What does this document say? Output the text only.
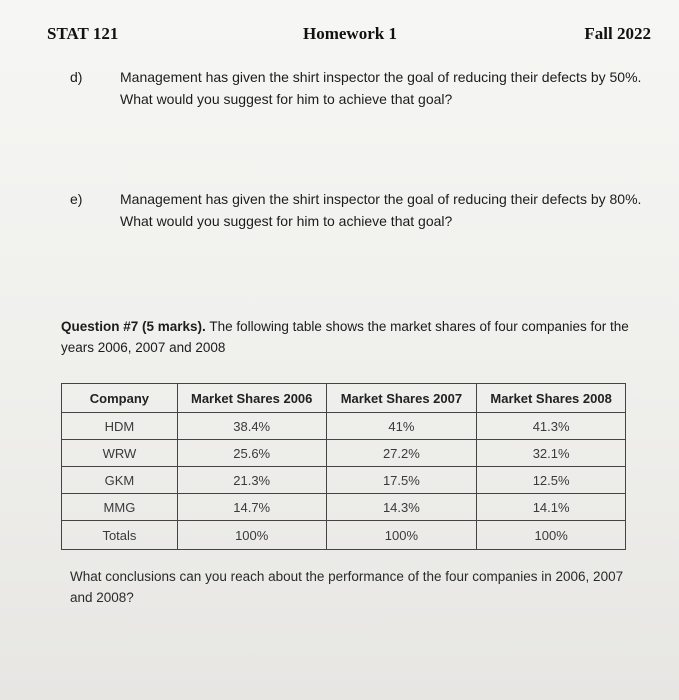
STAT 121	Homework 1	Fall 2022
d)	Management has given the shirt inspector the goal of reducing their defects by 50%. What would you suggest for him to achieve that goal?
e)	Management has given the shirt inspector the goal of reducing their defects by 80%. What would you suggest for him to achieve that goal?
Question #7 (5 marks). The following table shows the market shares of four companies for the years 2006, 2007 and 2008
Company	Market Shares 2006	Market Shares 2007	Market Shares 2008
HDM	38.4%	41%	41.3%
WRW	25.6%	27.2%	32.1%
GKM	21.3%	17.5%	12.5%
MMG	14.7%	14.3%	14.1%
Totals	100%	100%	100%
What conclusions can you reach about the performance of the four companies in 2006, 2007 and 2008?
